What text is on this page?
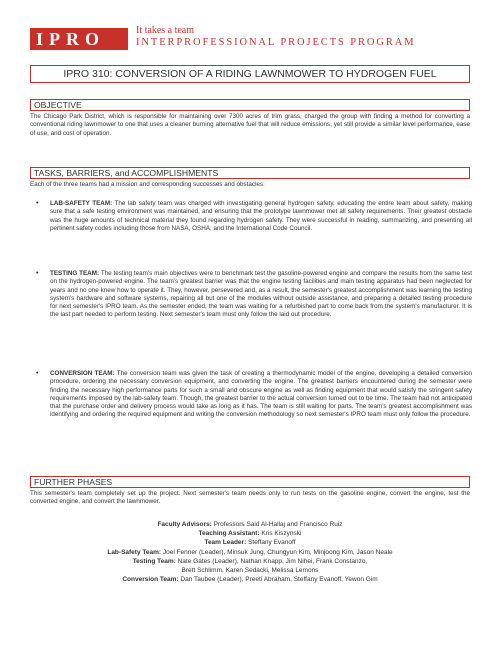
IPRO	It takes a team
INTERPROFESSIONAL PROJECTS PROGRAM
IPRO 310: CONVERSION OF A RIDING LAWNMOWER TO HYDROGEN FUEL
OBJECTIVE
The Chicago Park District, which is responsible for maintaining over 7300 acres of trim grass, charged the group with finding a method for converting a conventional riding lawnmower to one that uses a cleaner burning alternative fuel that will reduce emissions, yet still provide a similar level performance, ease of use, and cost of operation.
TASKS, BARRIERS, and ACCOMPLISHMENTS
Each of the three teams had a mission and corresponding successes and obstacles:
• LAB-SAFETY TEAM: The lab safety team was charged with investigating general hydrogen safety, educating the entire team about safety, making sure that a safe testing environment was maintained, and ensuring that the prototype lawnmower met all safety requirements. Their greatest obstacle was the huge amounts of technical material they found regarding hydrogen safety. They were successful in reading, summarizing, and presenting all pertinent safety codes including those from NASA, OSHA, and the International Code Council.
• TESTING TEAM: The testing team's main objectives were to benchmark test the gasoline-powered engine and compare the results from the same test on the hydrogen-powered engine. The team's greatest barrier was that the engine testing facilities and main testing apparatus had been neglected for years and no one knew how to operate it. They, however, persevered and, as a result, the semester's greatest accomplishment was learning the testing system's hardware and software systems, repairing all but one of the modules without outside assistance, and preparing a detailed testing procedure for next semester's IPRO team. As the semester ended, the team was waiting for a refurbished part to come back from the system's manufacturer. It is the last part needed to perform testing. Next semester's team must only follow the laid out procedure.
• CONVERSION TEAM: The conversion team was given the task of creating a thermodynamic model of the engine, developing a detailed conversion procedure, ordering the necessary conversion equipment, and converting the engine. The greatest barriers encountered during the semester were finding the necessary high performance parts for such a small and obscure engine as well as finding equipment that would satisfy the stringent safety requirements imposed by the lab-safety team. Though, the greatest barrier to the actual conversion turned out to be time. The team had not anticipated that the purchase order and delivery process would take as long as it has. The team is still waiting for parts. The team's greatest accomplishment was identifying and ordering the required equipment and writing the conversion methodology so next semester's IPRO team must only follow the procedure.
FURTHER PHASES
This semester's team completely set up the project. Next semester's team needs only to run tests on the gasoline engine, convert the engine, test the converted engine, and convert the lawnmower.
Faculty Advisors: Professors Said Al-Hallaj and Francisco Ruiz
Teaching Assistant: Kris Kiszynski
Team Leader: Steffany Evanoff
Lab-Safety Team: Joel Fenner (Leader), Minsuk Jung, Chungyun Kim, Minjoong Kim, Jason Neale
Testing Team: Nate Gates (Leader), Nathan Knapp, Jim Nihei, Frank Constanzo,
Brett Schlimm, Karen Sedacki, Melissa Lemons
Conversion Team: Dan Taubee (Leader), Preeti Abraham, Steffany Evanoff, Yewon Gim
